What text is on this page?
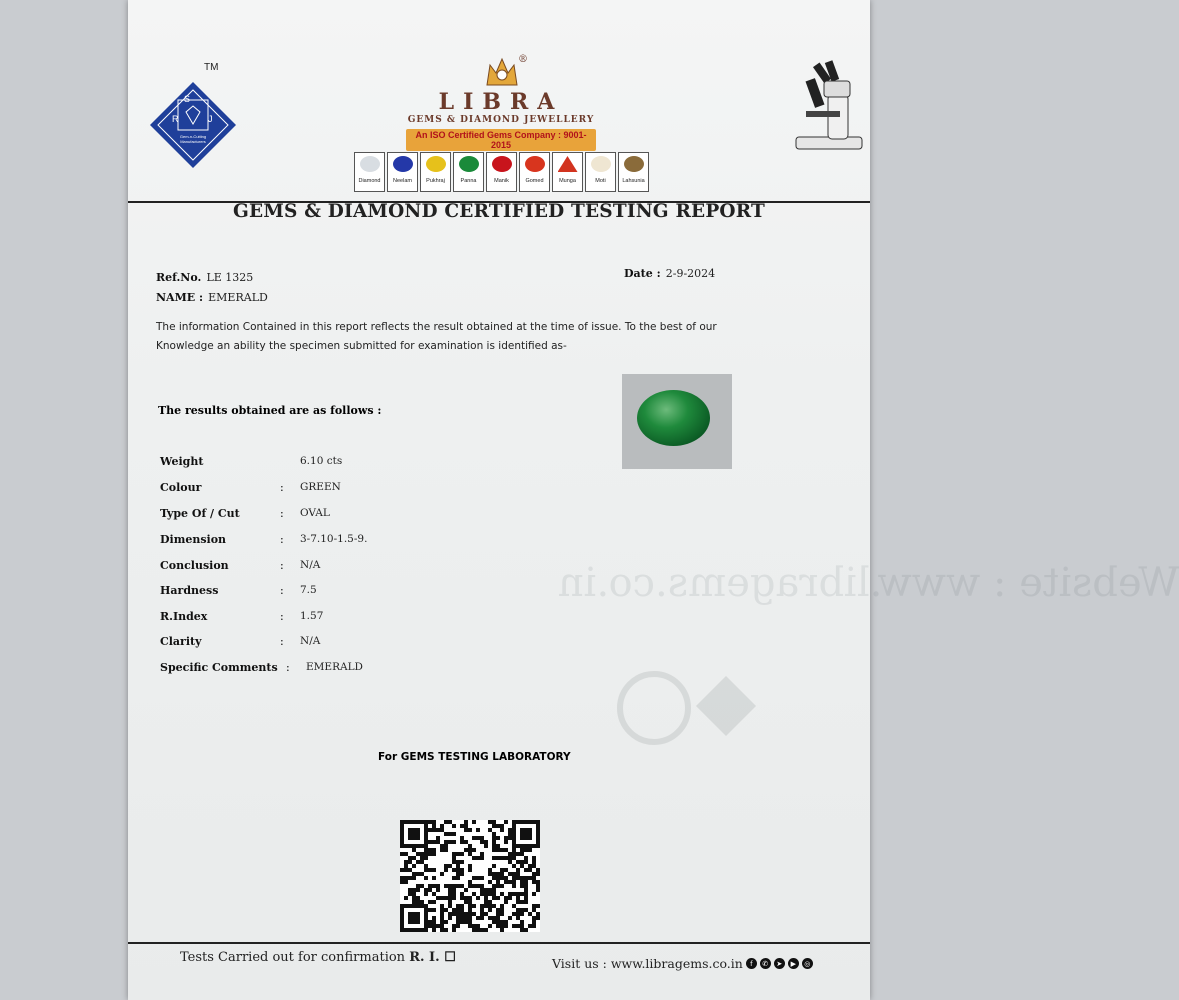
Website : www.libragems.co.in
S
R	J
Gem-n-Cutting
Manufacturers
TM
LIBRA
GEMS & DIAMOND JEWELLERY
An ISO Certified Gems Company : 9001-2015
®
Diamond Neelam	Pukhraj	Panna	Manik	Gomed	Munga	Moti	Lahsunia
GEMS & DIAMOND CERTIFIED TESTING REPORT
Ref.No. LE 1325
NAME : EMERALD
Date : 2-9-2024
The information Contained in this report reflects the result obtained at the time of issue. To the best of our Knowledge an ability the specimen submitted for examination is identified as-
The results obtained are as follows :
Weight	6.10 cts
Colour	:	GREEN
Type Of / Cut	:	OVAL
Dimension	:	3-7.10-1.5-9.
Conclusion	:	N/A
Hardness	:	7.5
R.Index	:	1.57
Clarity	:	N/A
Specific Comments :	EMERALD
For GEMS TESTING LABORATORY
Tests Carried out for confirmation R. I. ☐	Visit us : www.libragems.co.in	f	✆	➤	▶	◎
